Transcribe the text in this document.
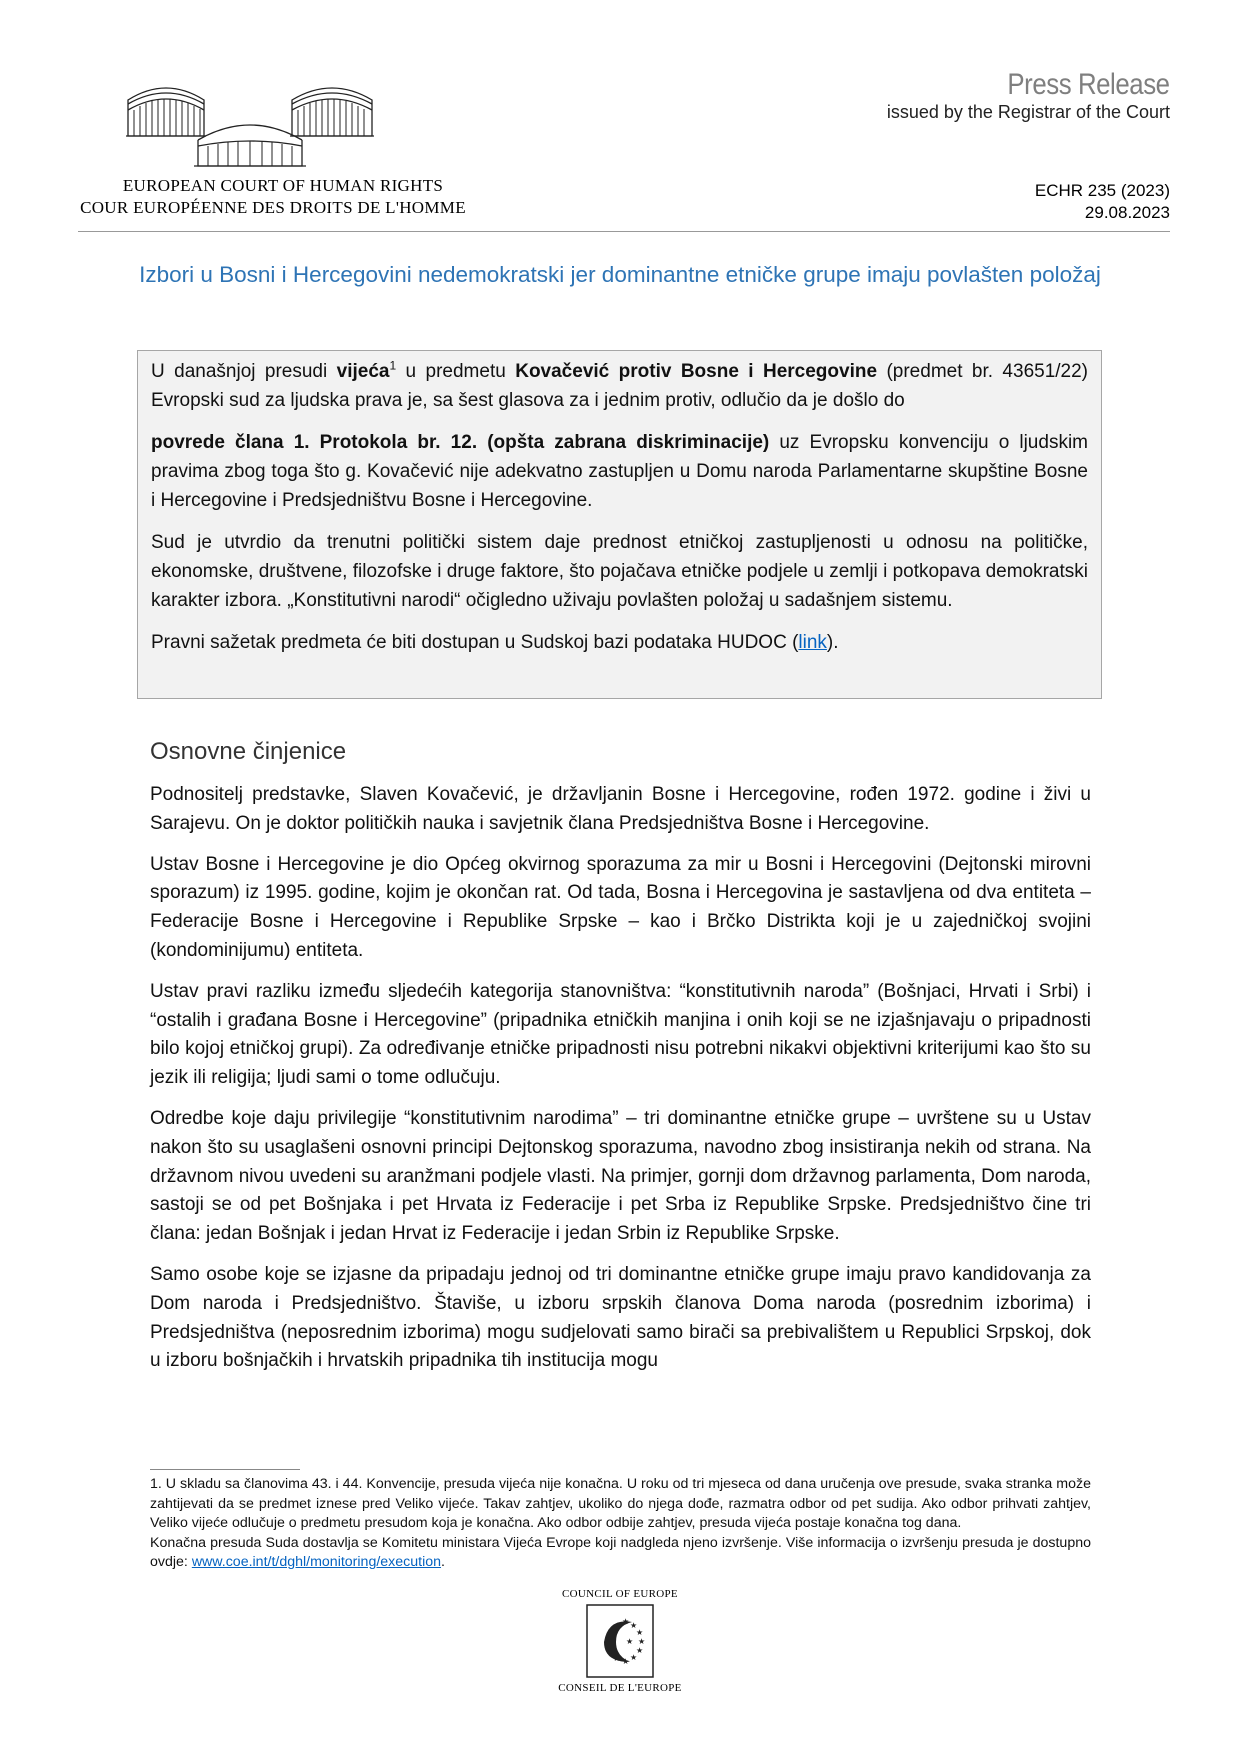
EUROPEAN COURT OF HUMAN RIGHTS
COUR EUROPÉENNE DES DROITS DE L'HOMME
Press Release
issued by the Registrar of the Court
ECHR 235 (2023)
29.08.2023
Izbori u Bosni i Hercegovini nedemokratski jer dominantne etničke grupe imaju povlašten položaj

U današnjoj presudi vijeća$^1$ u predmetu Kovačević protiv Bosne i Hercegovine (predmet br. 43651/22) Evropski sud za ljudska prava je, sa šest glasova za i jednim protiv, odlučio da je došlo do

povrede člana 1. Protokola br. 12. (opšta zabrana diskriminacije) uz Evropsku konvenciju o ljudskim pravima zbog toga što g. Kovačević nije adekvatno zastupljen u Domu naroda Parlamentarne skupštine Bosne i Hercegovine i Predsjedništvu Bosne i Hercegovine.

Sud je utvrdio da trenutni politički sistem daje prednost etničkoj zastupljenosti u odnosu na političke, ekonomske, društvene, filozofske i druge faktore, što pojačava etničke podjele u zemlji i potkopava demokratski karakter izbora. „Konstitutivni narodi“ očigledno uživaju povlašten položaj u sadašnjem sistemu.

Pravni sažetak predmeta će biti dostupan u Sudskoj bazi podataka HUDOC (link).

Osnovne činjenice

Podnositelj predstavke, Slaven Kovačević, je državljanin Bosne i Hercegovine, rođen 1972. godine i živi u Sarajevu. On je doktor političkih nauka i savjetnik člana Predsjedništva Bosne i Hercegovine.

Ustav Bosne i Hercegovine je dio Općeg okvirnog sporazuma za mir u Bosni i Hercegovini (Dejtonski mirovni sporazum) iz 1995. godine, kojim je okončan rat. Od tada, Bosna i Hercegovina je sastavljena od dva entiteta – Federacije Bosne i Hercegovine i Republike Srpske – kao i Brčko Distrikta koji je u zajedničkoj svojini (kondominijumu) entiteta.

Ustav pravi razliku između sljedećih kategorija stanovništva: “konstitutivnih naroda” (Bošnjaci, Hrvati i Srbi) i “ostalih i građana Bosne i Hercegovine” (pripadnika etničkih manjina i onih koji se ne izjašnjavaju o pripadnosti bilo kojoj etničkoj grupi). Za određivanje etničke pripadnosti nisu potrebni nikakvi objektivni kriterijumi kao što su jezik ili religija; ljudi sami o tome odlučuju.

Odredbe koje daju privilegije “konstitutivnim narodima” – tri dominantne etničke grupe – uvrštene su u Ustav nakon što su usaglašeni osnovni principi Dejtonskog sporazuma, navodno zbog insistiranja nekih od strana. Na državnom nivou uvedeni su aranžmani podjele vlasti. Na primjer, gornji dom državnog parlamenta, Dom naroda, sastoji se od pet Bošnjaka i pet Hrvata iz Federacije i pet Srba iz Republike Srpske. Predsjedništvo čine tri člana: jedan Bošnjak i jedan Hrvat iz Federacije i jedan Srbin iz Republike Srpske.

Samo osobe koje se izjasne da pripadaju jednoj od tri dominantne etničke grupe imaju pravo kandidovanja za Dom naroda i Predsjedništvo. Štaviše, u izboru srpskih članova Doma naroda (posrednim izborima) i Predsjedništva (neposrednim izborima) mogu sudjelovati samo birači sa prebivalištem u Republici Srpskoj, dok u izboru bošnjačkih i hrvatskih pripadnika tih institucija mogu

1. U skladu sa članovima 43. i 44. Konvencije, presuda vijeća nije konačna. U roku od tri mjeseca od dana uručenja ove presude, svaka stranka može zahtijevati da se predmet iznese pred Veliko vijeće. Takav zahtjev, ukoliko do njega dođe, razmatra odbor od pet sudija. Ako odbor prihvati zahtjev, Veliko vijeće odlučuje o predmetu presudom koja je konačna. Ako odbor odbije zahtjev, presuda vijeća postaje konačna tog dana.
Konačna presuda Suda dostavlja se Komitetu ministara Vijeća Evrope koji nadgleda njeno izvršenje. Više informacija o izvršenju presuda je dostupno ovdje: www.coe.int/t/dghl/monitoring/execution.
COUNCIL OF EUROPE
★ ★
★
★
★
★
★
★
★
★
CONSEIL DE L'EUROPE
